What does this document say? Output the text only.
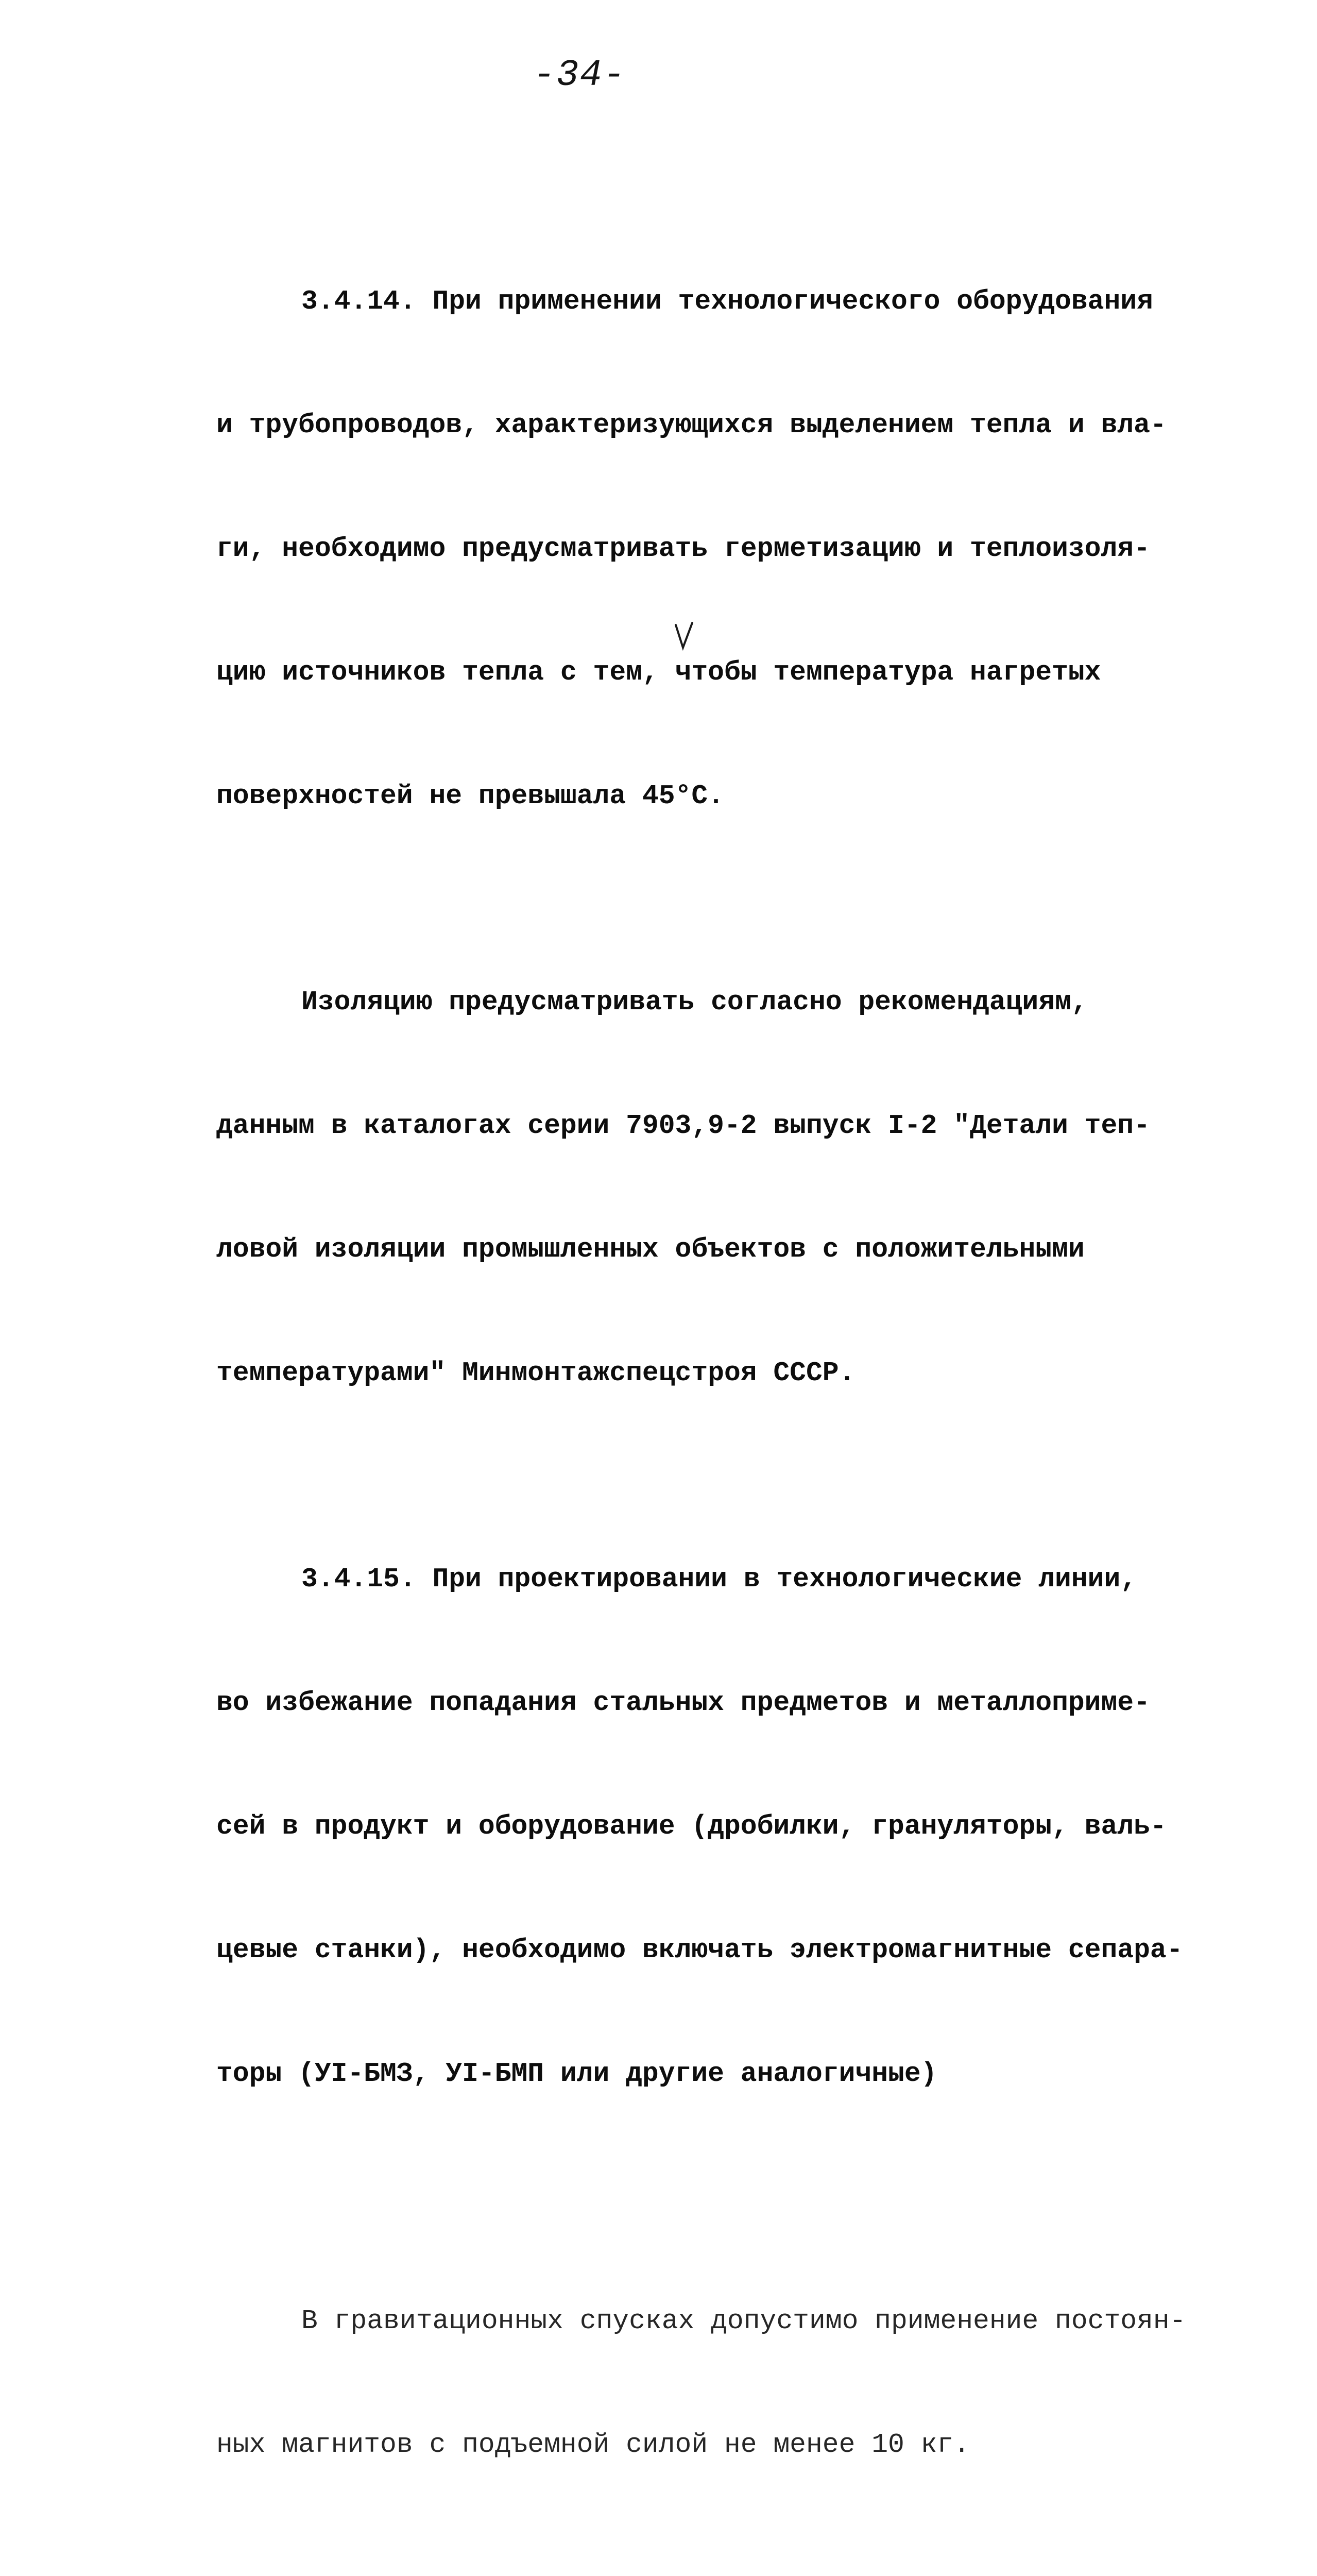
-34-

3.4.14. При применении технологического оборудования

и трубопроводов, характеризующихся выделением тепла и вла-

ги, необходимо предусматривать герметизацию и теплоизоля-

цию источников тепла с тем, чтобы температура нагретых

поверхностей не превышала 45°С.

Изоляцию предусматривать согласно рекомендациям,

данным в каталогах серии 7903,9-2 выпуск I-2 "Детали теп-

ловой изоляции промышленных объектов с положительными

температурами" Минмонтажспецстроя СССР.

3.4.15. При проектировании в технологические линии,

во избежание попадания стальных предметов и металлоприме-

сей в продукт и оборудование (дробилки, грануляторы, валь-

цевые станки), необходимо включать электромагнитные сепара-

торы (УI-БМЗ, УI-БМП или другие аналогичные)

В гравитационных спусках допустимо применение постоян-

ных магнитов с подъемной силой не менее 10 кг.
